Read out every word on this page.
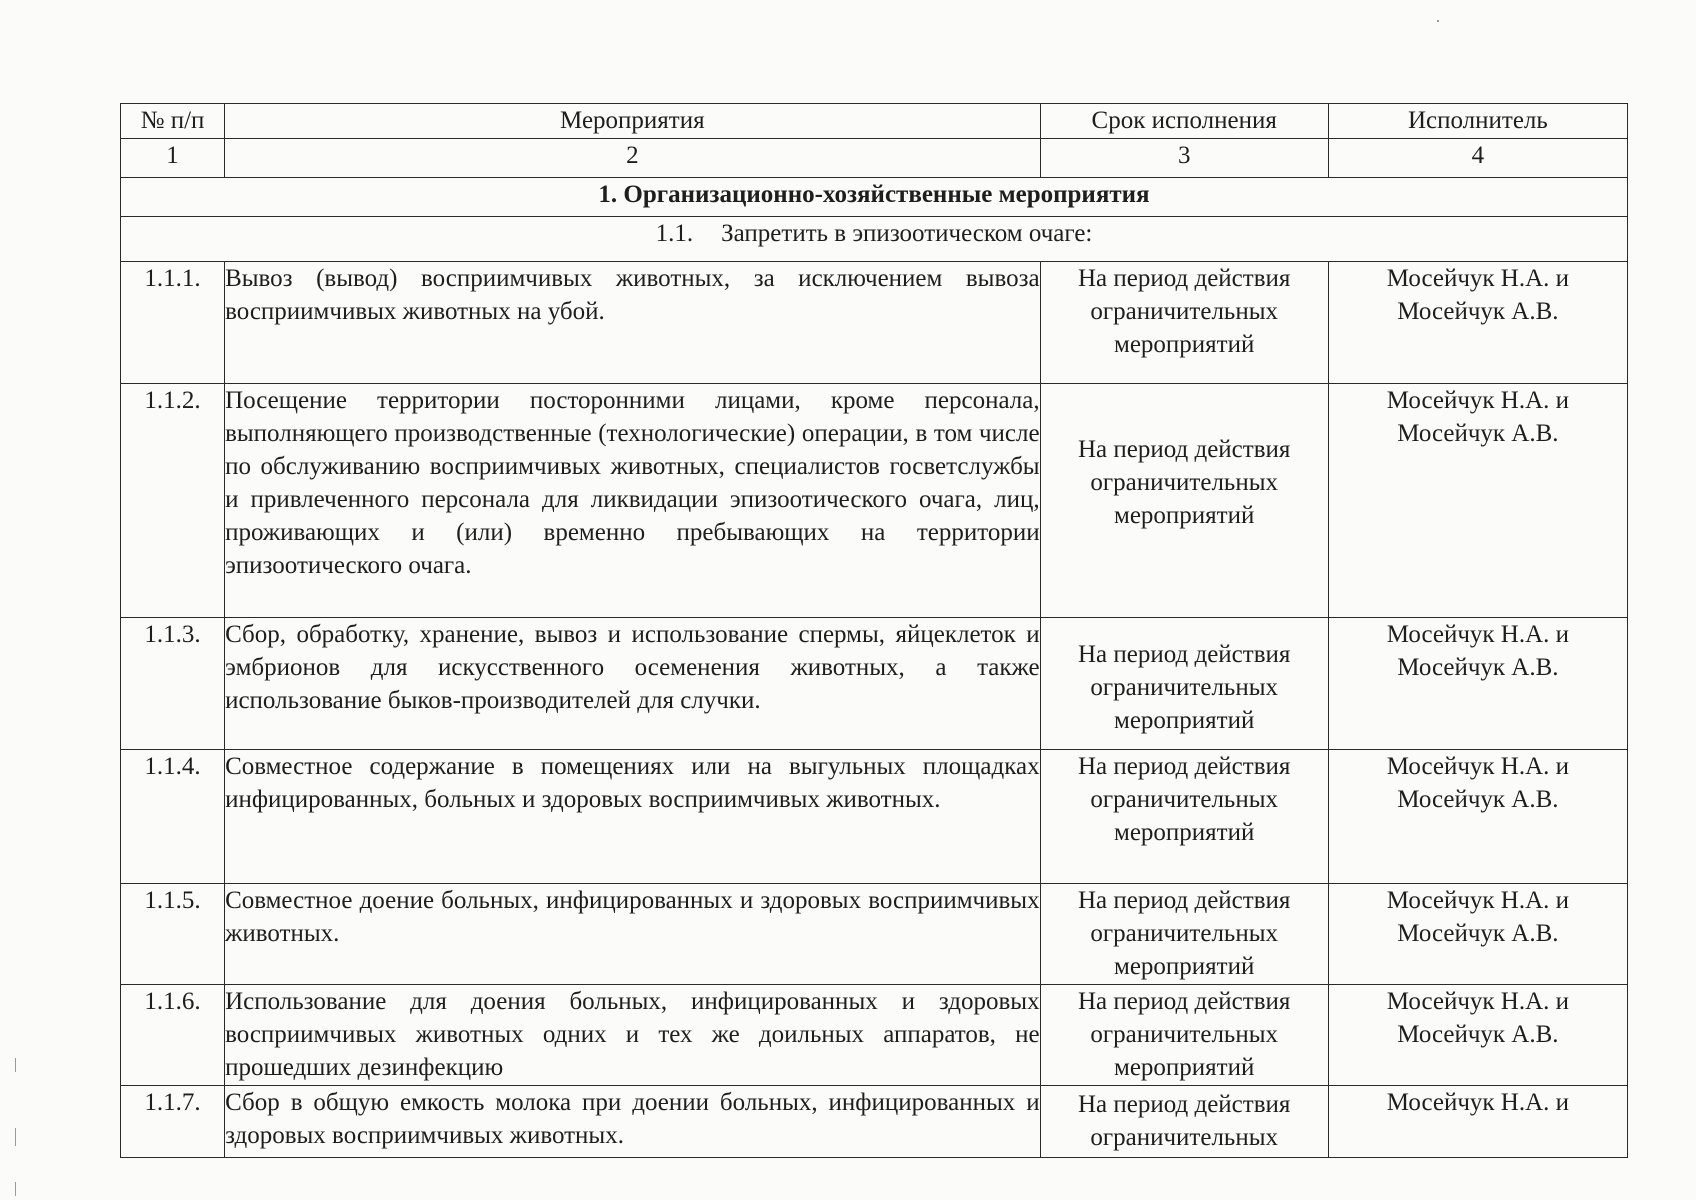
№ п/п	Мероприятия	Срок исполнения	Исполнитель
1	2	3	4
1. Организационно-хозяйственные мероприятия			
1.1. Запретить в эпизоотическом очаге:			
1.1.1.	Вывоз (вывод) восприимчивых животных, за исключением вывоза восприимчивых животных на убой.	На период действия ограничительных мероприятий	Мосейчук Н.А. и
Мосейчук А.В.

1.1.2.	Посещение территории посторонними лицами, кроме персонала, выполняющего производственные (технологические) операции, в том числе по обслуживанию восприимчивых животных, специалистов госветслужбы и привлеченного персонала для ликвидации эпизоотического очага, лиц, проживающих и (или) временно пребывающих на территории эпизоотического очага.	На период действия ограничительных мероприятий	Мосейчук Н.А. и
Мосейчук А.В.

1.1.3.	Сбор, обработку, хранение, вывоз и использование спермы, яйцеклеток и эмбрионов для искусственного осеменения животных, а также использование быков-производителей для случки.	На период действия ограничительных мероприятий	Мосейчук Н.А. и
Мосейчук А.В.

1.1.4.	Совместное содержание в помещениях или на выгульных площадках инфицированных, больных и здоровых восприимчивых животных.	На период действия ограничительных мероприятий	Мосейчук Н.А. и
Мосейчук А.В.

1.1.5.	Совместное доение больных, инфицированных и здоровых восприимчивых животных.	На период действия ограничительных мероприятий	Мосейчук Н.А. и
Мосейчук А.В.

1.1.6.	Использование для доения больных, инфицированных и здоровых восприимчивых животных одних и тех же доильных аппаратов, не прошедших дезинфекцию	На период действия ограничительных мероприятий	Мосейчук Н.А. и
Мосейчук А.В.

1.1.7.	Сбор в общую емкость молока при доении больных, инфицированных и здоровых восприимчивых животных.	На период действия ограничительных	Мосейчук Н.А. и
